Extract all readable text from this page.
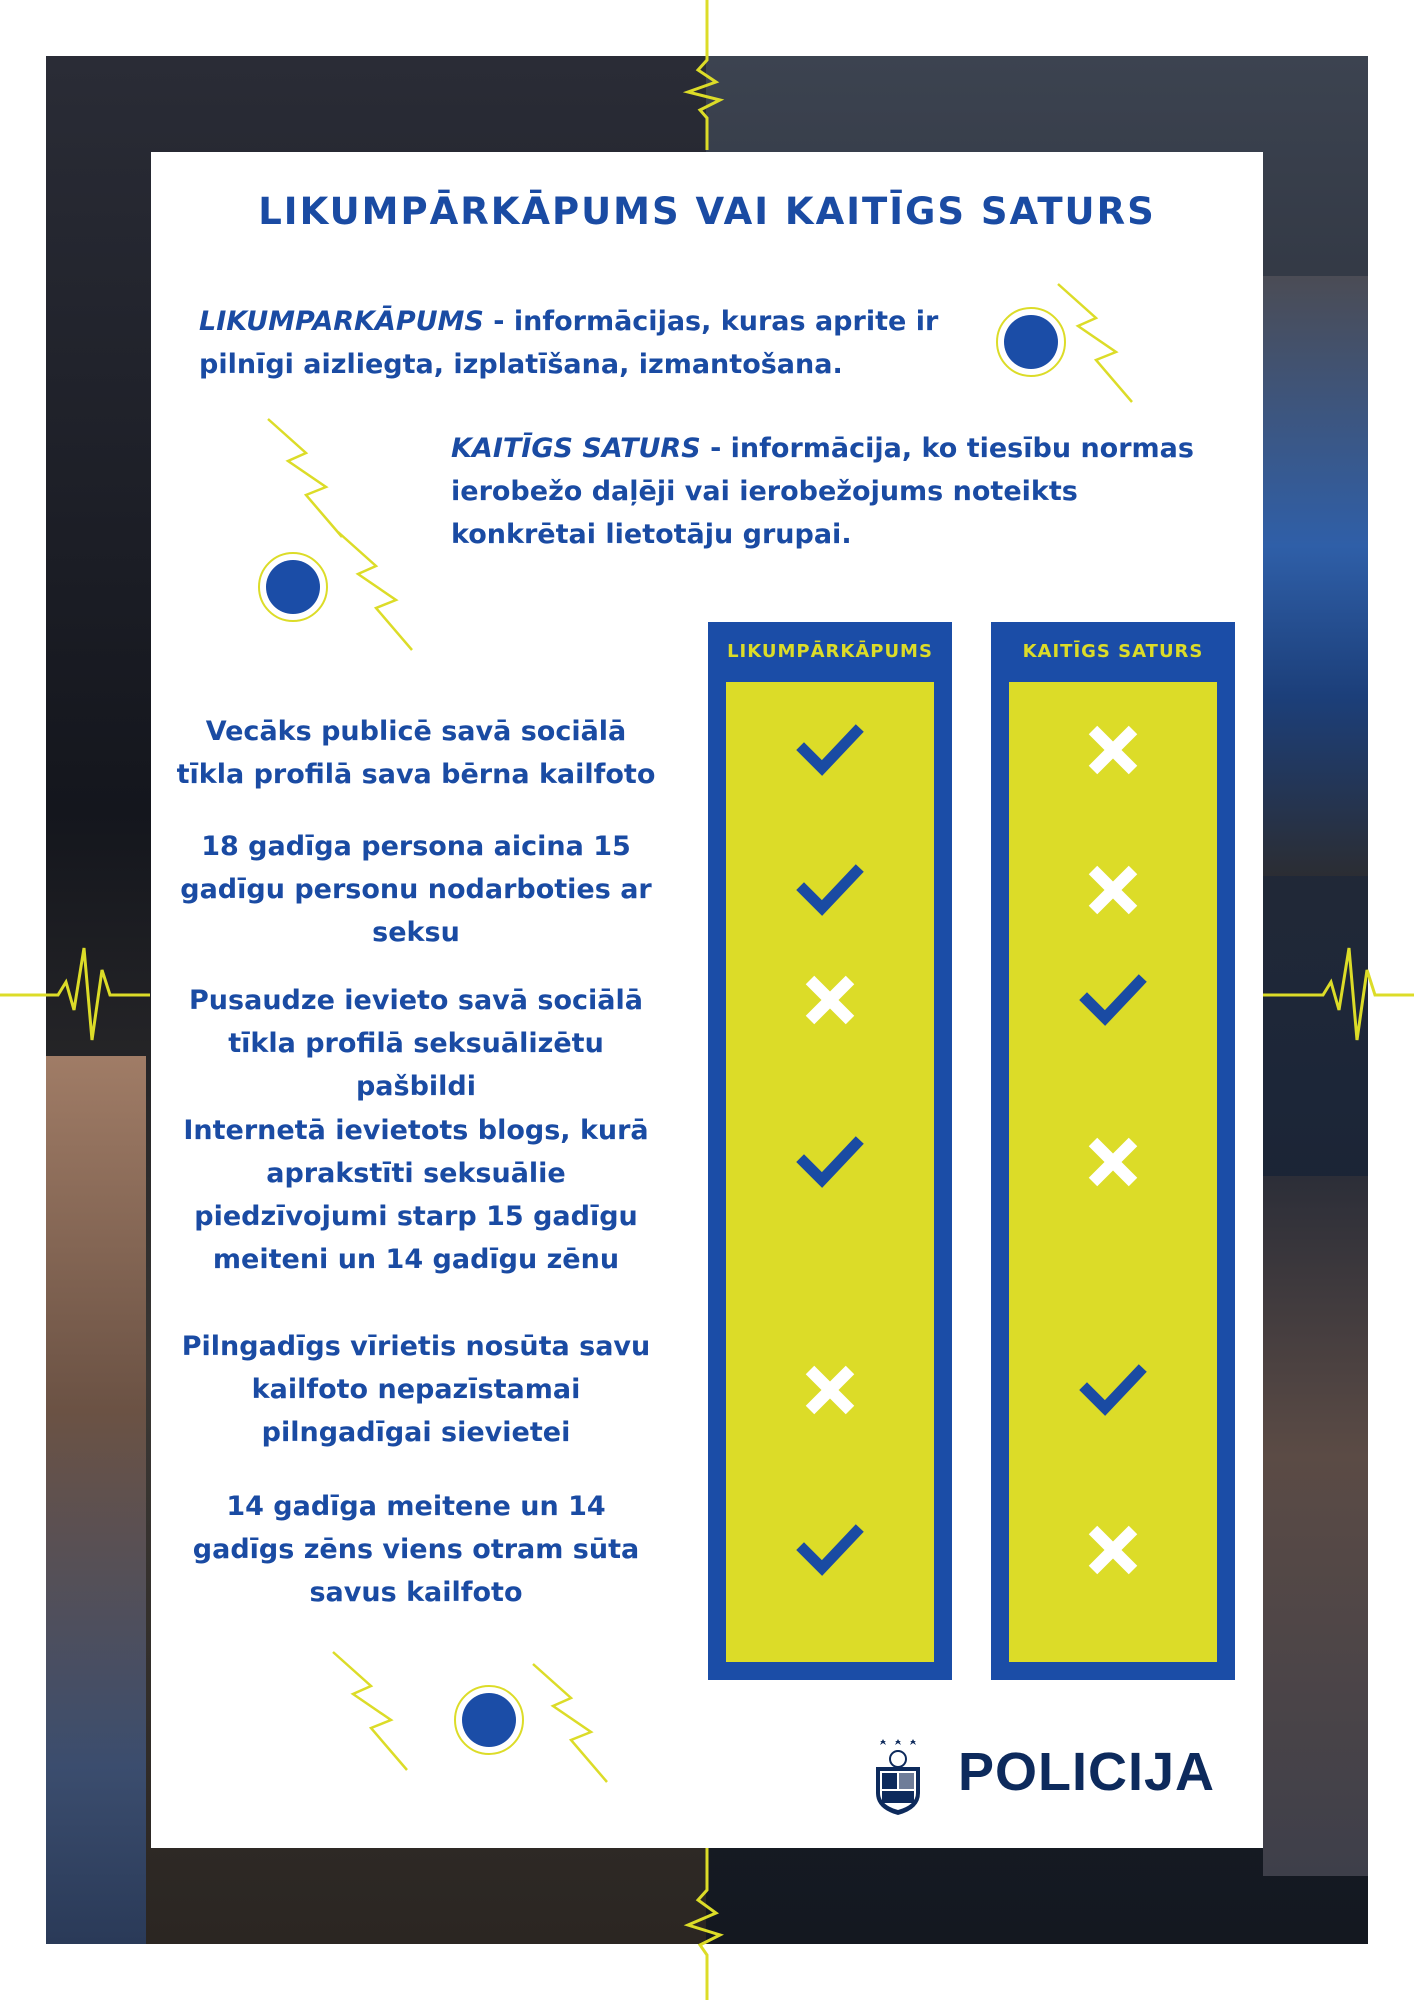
LIKUMPĀRKĀPUMS VAI KAITĪGS SATURS
LIKUMPARKĀPUMS - informācijas, kuras aprite ir pilnīgi aizliegta, izplatīšana, izmantošana.
KAITĪGS SATURS - informācija, ko tiesību normas ierobežo daļēji vai ierobežojums noteikts konkrētai lietotāju grupai.
LIKUMPĀRKĀPUMS	KAITĪGS SATURS
Vecāks publicē savā sociālā tīkla profilā sava bērna kailfoto
18 gadīga persona aicina 15 gadīgu personu nodarboties ar seksu
Pusaudze ievieto savā sociālā tīkla profilā seksuālizētu pašbildi
Internetā ievietots blogs, kurā aprakstīti seksuālie piedzīvojumi starp 15 gadīgu meiteni un 14 gadīgu zēnu
Pilngadīgs vīrietis nosūta savu kailfoto nepazīstamai pilngadīgai sievietei
14 gadīga meitene un 14 gadīgs zēns viens otram sūta savus kailfoto
POLICIJA
